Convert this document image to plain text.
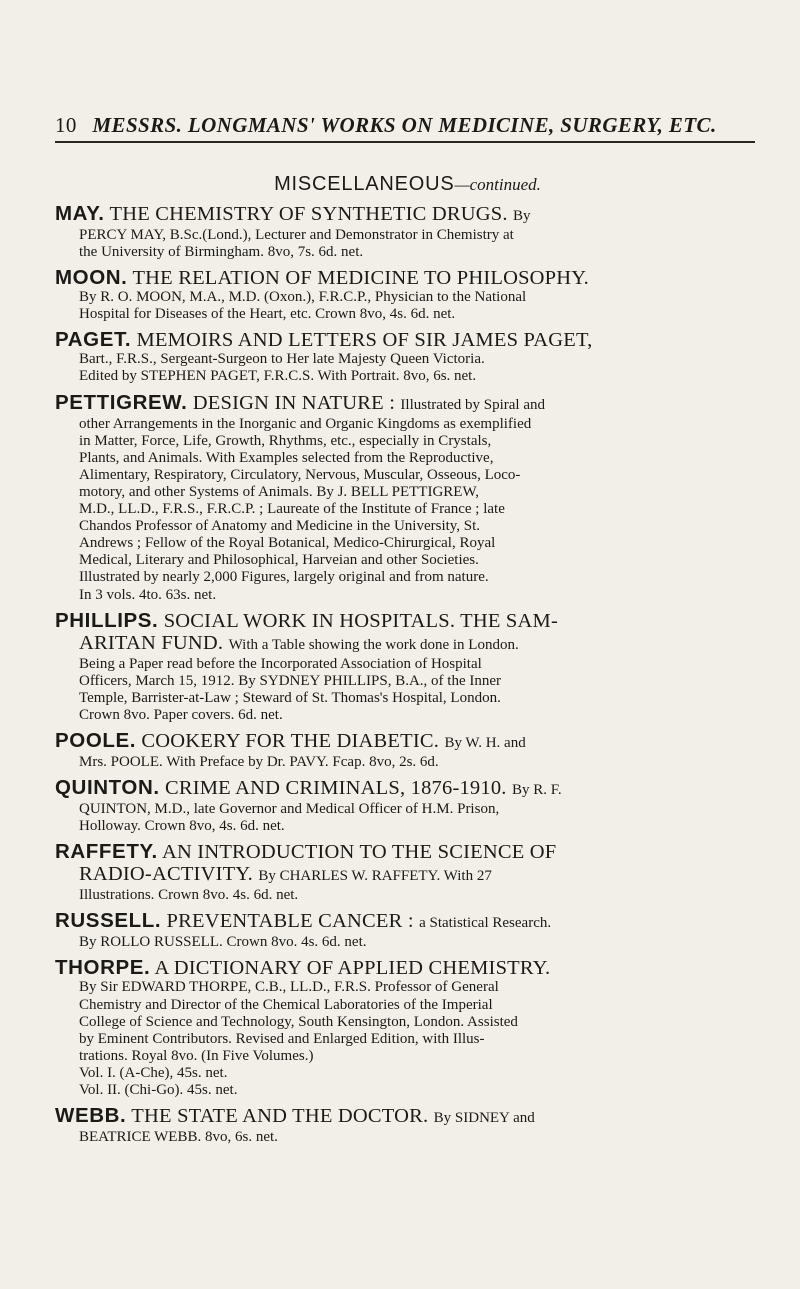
10 MESSRS. LONGMANS' WORKS ON MEDICINE, SURGERY, ETC.
MISCELLANEOUS—continued.
MAY. THE CHEMISTRY OF SYNTHETIC DRUGS. By
PERCY MAY, B.Sc.(Lond.), Lecturer and Demonstrator in Chemistry at
the University of Birmingham. 8vo, 7s. 6d. net.
MOON. THE RELATION OF MEDICINE TO PHILOSOPHY.
By R. O. MOON, M.A., M.D. (Oxon.), F.R.C.P., Physician to the National
Hospital for Diseases of the Heart, etc. Crown 8vo, 4s. 6d. net.
PAGET. MEMOIRS AND LETTERS OF SIR JAMES PAGET,
Bart., F.R.S., Sergeant-Surgeon to Her late Majesty Queen Victoria.
Edited by STEPHEN PAGET, F.R.C.S. With Portrait. 8vo, 6s. net.
PETTIGREW. DESIGN IN NATURE : Illustrated by Spiral and
other Arrangements in the Inorganic and Organic Kingdoms as exemplified
in Matter, Force, Life, Growth, Rhythms, etc., especially in Crystals,
Plants, and Animals. With Examples selected from the Reproductive,
Alimentary, Respiratory, Circulatory, Nervous, Muscular, Osseous, Loco-
motory, and other Systems of Animals. By J. BELL PETTIGREW,
M.D., LL.D., F.R.S., F.R.C.P. ; Laureate of the Institute of France ; late
Chandos Professor of Anatomy and Medicine in the University, St.
Andrews ; Fellow of the Royal Botanical, Medico-Chirurgical, Royal
Medical, Literary and Philosophical, Harveian and other Societies.
Illustrated by nearly 2,000 Figures, largely original and from nature.
In 3 vols. 4to. 63s. net.
PHILLIPS. SOCIAL WORK IN HOSPITALS. THE SAM-
ARITAN FUND. With a Table showing the work done in London.
Being a Paper read before the Incorporated Association of Hospital
Officers, March 15, 1912. By SYDNEY PHILLIPS, B.A., of the Inner
Temple, Barrister-at-Law ; Steward of St. Thomas's Hospital, London.
Crown 8vo. Paper covers. 6d. net.
POOLE. COOKERY FOR THE DIABETIC. By W. H. and
Mrs. POOLE. With Preface by Dr. PAVY. Fcap. 8vo, 2s. 6d.
QUINTON. CRIME AND CRIMINALS, 1876-1910. By R. F.
QUINTON, M.D., late Governor and Medical Officer of H.M. Prison,
Holloway. Crown 8vo, 4s. 6d. net.
RAFFETY. AN INTRODUCTION TO THE SCIENCE OF
RADIO-ACTIVITY. By CHARLES W. RAFFETY. With 27
Illustrations. Crown 8vo. 4s. 6d. net.
RUSSELL. PREVENTABLE CANCER : a Statistical Research.
By ROLLO RUSSELL. Crown 8vo. 4s. 6d. net.
THORPE. A DICTIONARY OF APPLIED CHEMISTRY.
By Sir EDWARD THORPE, C.B., LL.D., F.R.S. Professor of General
Chemistry and Director of the Chemical Laboratories of the Imperial
College of Science and Technology, South Kensington, London. Assisted
by Eminent Contributors. Revised and Enlarged Edition, with Illus-
trations. Royal 8vo. (In Five Volumes.)
Vol. I. (A-Che), 45s. net.
Vol. II. (Chi-Go). 45s. net.
WEBB. THE STATE AND THE DOCTOR. By SIDNEY and
BEATRICE WEBB. 8vo, 6s. net.
